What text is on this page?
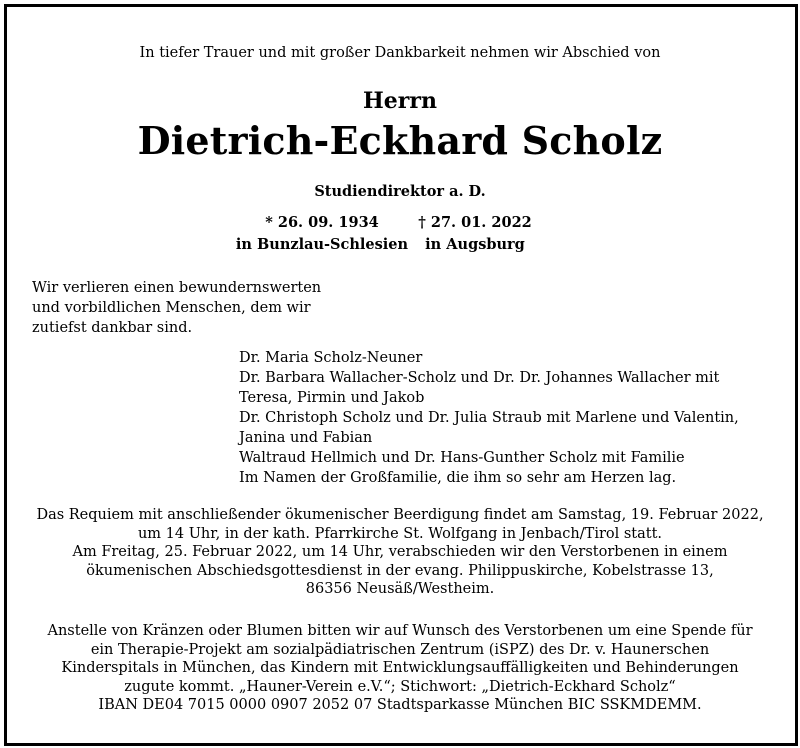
In tiefer Trauer und mit großer Dankbarkeit nehmen wir Abschied von
Herrn
Dietrich-Eckhard Scholz
Studiendirektor a. D.
* 26. 09. 1934
in Bunzlau-Schlesien
† 27. 01. 2022
in Augsburg
Wir verlieren einen bewundernswerten
und vorbildlichen Menschen, dem wir
zutiefst dankbar sind.
Dr. Maria Scholz-Neuner
Dr. Barbara Wallacher-Scholz und Dr. Dr. Johannes Wallacher mit
Teresa, Pirmin und Jakob
Dr. Christoph Scholz und Dr. Julia Straub mit Marlene und Valentin,
Janina und Fabian
Waltraud Hellmich und Dr. Hans-Gunther Scholz mit Familie
Im Namen der Großfamilie, die ihm so sehr am Herzen lag.
Das Requiem mit anschließender ökumenischer Beerdigung findet am Samstag, 19. Februar 2022,
um 14 Uhr, in der kath. Pfarrkirche St. Wolfgang in Jenbach/Tirol statt.
Am Freitag, 25. Februar 2022, um 14 Uhr, verabschieden wir den Verstorbenen in einem
ökumenischen Abschiedsgottesdienst in der evang. Philippuskirche, Kobelstrasse 13,
86356 Neusäß/Westheim.
Anstelle von Kränzen oder Blumen bitten wir auf Wunsch des Verstorbenen um eine Spende für
ein Therapie-Projekt am sozialpädiatrischen Zentrum (iSPZ) des Dr. v. Haunerschen
Kinderspitals in München, das Kindern mit Entwicklungsauffälligkeiten und Behinderungen
zugute kommt. „Hauner-Verein e.V.“; Stichwort: „Dietrich-Eckhard Scholz“
IBAN DE04 7015 0000 0907 2052 07 Stadtsparkasse München BIC SSKMDEMM.
